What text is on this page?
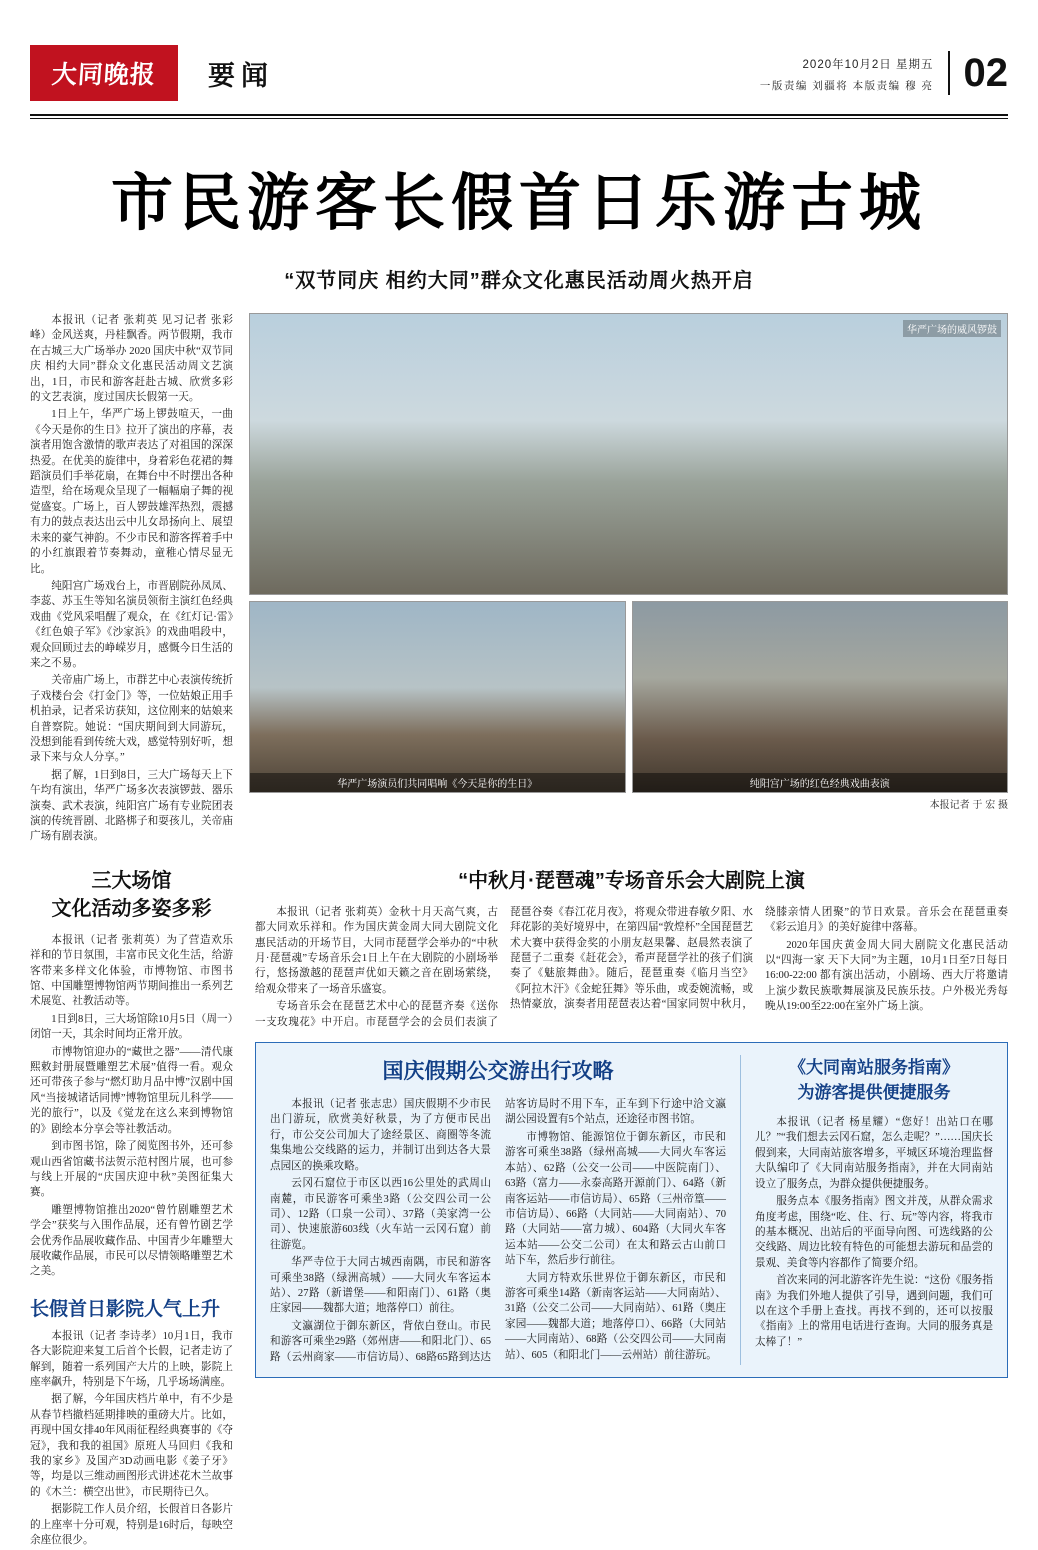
大同晚报 要闻	2020年10月2日 星期五
一版责编 刘疆将 本版责编 穆 亮 02
市民游客长假首日乐游古城
“双节同庆 相约大同”群众文化惠民活动周火热开启

本报讯（记者 张莉英 见习记者 张彩峰）金风送爽，丹桂飘香。两节假期，我市在古城三大广场举办 2020 国庆中秋“双节同庆 相约大同”群众文化惠民活动周文艺演出，1日，市民和游客赶赴古城、欣赏多彩的文艺表演，度过国庆长假第一天。

1日上午，华严广场上锣鼓喧天，一曲《今天是你的生日》拉开了演出的序幕，表演者用饱含激情的歌声表达了对祖国的深深热爱。在优美的旋律中，身着彩色花裙的舞蹈演员们手举花扇，在舞台中不时摆出各种造型，给在场观众呈现了一幅幅扇子舞的视觉盛宴。广场上，百人锣鼓雄浑热烈，震撼有力的鼓点表达出云中儿女昂扬向上、展望未来的豪气神韵。不少市民和游客挥着手中的小红旗跟着节奏舞动，童稚心情尽显无比。

纯阳宫广场戏台上，市晋剧院孙凤凤、李蕊、苏玉生等知名演员领衔主演红色经典戏曲《党风采唱醒了观众，在《红灯记·雷》《红色娘子军》《沙家浜》的戏曲唱段中，观众回顾过去的峥嵘岁月，感慨今日生活的来之不易。

关帝庙广场上，市群艺中心表演传统折子戏楼台会《打金门》等，一位姑娘正用手机拍录，记者采访获知，这位刚来的姑娘来自普察院。她说：“国庆期间到大同游玩，没想到能看到传统大戏，感觉特别好听，想录下来与众人分享。”

据了解，1日到8日，三大广场每天上下午均有演出，华严广场多次表演锣鼓、器乐演奏、武术表演，纯阳宫广场有专业院团表演的传统晋剧、北路梆子和耍孩儿，关帝庙广场有剧表演。

华严广场的威风锣鼓
华严广场演员们共同唱响《今天是你的生日》	纯阳宫广场的红色经典戏曲表演
本报记者 于 宏 摄
三大场馆
文化活动多姿多彩

本报讯（记者 张莉英）为了营造欢乐祥和的节日氛围，丰富市民文化生活，给游客带来多样文化体验，市博物馆、市图书馆、中国雕塑博物馆两节期间推出一系列艺术展览、社教活动等。

1日到8日，三大场馆除10月5日（周一）闭馆一天，其余时间均正常开放。

市博物馆迎办的“藏世之器”——清代康熙敕封册展暨雕塑艺术展”值得一看。观众还可带孩子参与“燃灯助月品中博”汉剧中国风“当接城诸话同博”博物馆里玩儿科学——光的旅行”，以及《觉龙在这么来到博物馆的》剧绘本分享会等社教活动。

到市图书馆，除了阅览图书外，还可参观山西省馆藏书法贺示范村图片展，也可参与线上开展的“庆国庆迎中秋”美图征集大赛。

雕塑博物馆推出2020“曾竹剧雕塑艺术学会”获奖与入围作品展，还有曾竹剧艺学会优秀作品展收藏作品、中国青少年雕塑大展收藏作品展，市民可以尽情领略雕塑艺术之美。

长假首日影院人气上升

本报讯（记者 李诗孝）10月1日，我市各大影院迎来复工后首个长假，记者走访了解到，随着一系列国产大片的上映，影院上座率飙升，特别是下午场，几乎场场满座。

据了解，今年国庆档片单中，有不少是从春节档撤档延期排映的重磅大片。比如，再现中国女排40年风雨征程经典赛事的《夺冠》，我和我的祖国》原班人马回归《我和我的家乡》及国产3D动画电影《姜子牙》等，均是以三维动画图形式讲述花木兰故事的《木兰：横空出世》，市民期待已久。

据影院工作人员介绍，长假首日各影片的上座率十分可观，特别是16时后，每映空余座位很少。

“中秋月·琵琶魂”专场音乐会大剧院上演

本报讯（记者 张莉英）金秋十月天高气爽，古都大同欢乐祥和。作为国庆黄金周大同大剧院文化惠民活动的开场节目，大同市琵琶学会举办的“中秋月·琵琶魂”专场音乐会1日上午在大剧院的小剧场举行，悠扬激越的琵琶声优如天籁之音在剧场萦绕，给观众带来了一场音乐盛宴。

专场音乐会在琵琶艺术中心的琵琶齐奏《送你一支玫瑰花》中开启。市琵琶学会的会员们表演了琵琶谷奏《春江花月夜》，将观众带进春敏夕阳、水拜花影的美好境界中，在第四届“敦煌杯”全国琵琶艺术大赛中获得金奖的小朋友赵果馨、赵晨然表演了琵琶子二重奏《赶花会》，希声琵琶学社的孩子们演奏了《魅旅舞曲》。随后，琵琶重奏《临月当空》《阿拉木汗》《金蛇狂舞》等乐曲，或委婉流畅，或热情豪放，演奏者用琵琶表达着“国家同贺中秋月，绕膝亲情人团聚”的节日欢景。音乐会在琵琶重奏《彩云追月》的美好旋律中落幕。

2020年国庆黄金周大同大剧院文化惠民活动以“四海一家 天下大同”为主题，10月1日至7日每日16:00-22:00 都有演出活动，小剧场、西大厅将邀请上演少数民族歌舞展演及民族乐技。户外极光秀每晚从19:00至22:00在室外广场上演。

国庆假期公交游出行攻略

本报讯（记者 张志忠）国庆假期不少市民出门游玩，欣赏美好秋景，为了方便市民出行，市公交公司加大了途经景区、商圈等冬流集集地公交线路的运力，并制订出到达各大景点园区的换乘攻略。

云冈石窟位于市区以西16公里处的武周山南麓，市民游客可乘坐3路（公交四公司一公司）、12路（口泉一公司）、37路（美家湾一公司）、快速旅游603线（火车站一云冈石窟）前往游览。

华严寺位于大同古城西南隅，市民和游客可乘坐38路（绿洲高城）——大同火车客运本站）、27路（新谱堡——和阳南门）、61路（奥庄家园——魏都大道；地落停口）前往。

文瀛湖位于御东新区，背依白登山。市民和游客可乘坐29路（郊州唐——和阳北门）、65路（云州商家——市信访局）、68路65路到达达站客访局时不用下车，正车到下行途中洽文瀛湖公园设置有5个站点，还途径市图书馆。

市博物馆、能源馆位于御东新区，市民和游客可乘坐38路（绿州高城——大同火车客运本站）、62路（公交一公司——中医院南门）、63路（富力——永泰高路开源前门）、64路（新南客运站——市信访局）、65路（三州帝篁——市信访局）、66路（大同站——大同南站）、70路（大同站——富力城）、604路（大同火车客运本站——公交二公司）在太和路云古山前口站下车，然后步行前往。

大同方特欢乐世界位于御东新区，市民和游客可乘坐14路（新南客运站——大同南站）、31路（公交二公司——大同南站）、61路（奥庄家园——魏都大道；地落停口）、66路（大同站——大同南站）、68路（公交四公司——大同南站）、605（和阳北门——云州站）前往游玩。

《大同南站服务指南》
为游客提供便捷服务

本报讯（记者 杨星耀）“您好！出站口在哪儿？”“我们想去云冈石窟，怎么走呢？”……国庆长假到来，大同南站旅客增多，平城区环境治理监督大队编印了《大同南站服务指南》，并在大同南站设立了服务点，为群众提供便捷服务。

服务点本《服务指南》图文并茂，从群众需求角度考虑，围绕“吃、住、行、玩”等内容，将我市的基本概况、出站后的平面导向图、可选线路的公交线路、周边比较有特色的可能想去游玩和品尝的景观、美食等内容都作了简要介绍。

首次来同的河北游客许先生说：“这份《服务指南》为我们外地人提供了引导，遇到问题，我们可以在这个手册上查找。再找不到的，还可以按服《指南》上的常用电话进行查询。大同的服务真是太棒了！”
